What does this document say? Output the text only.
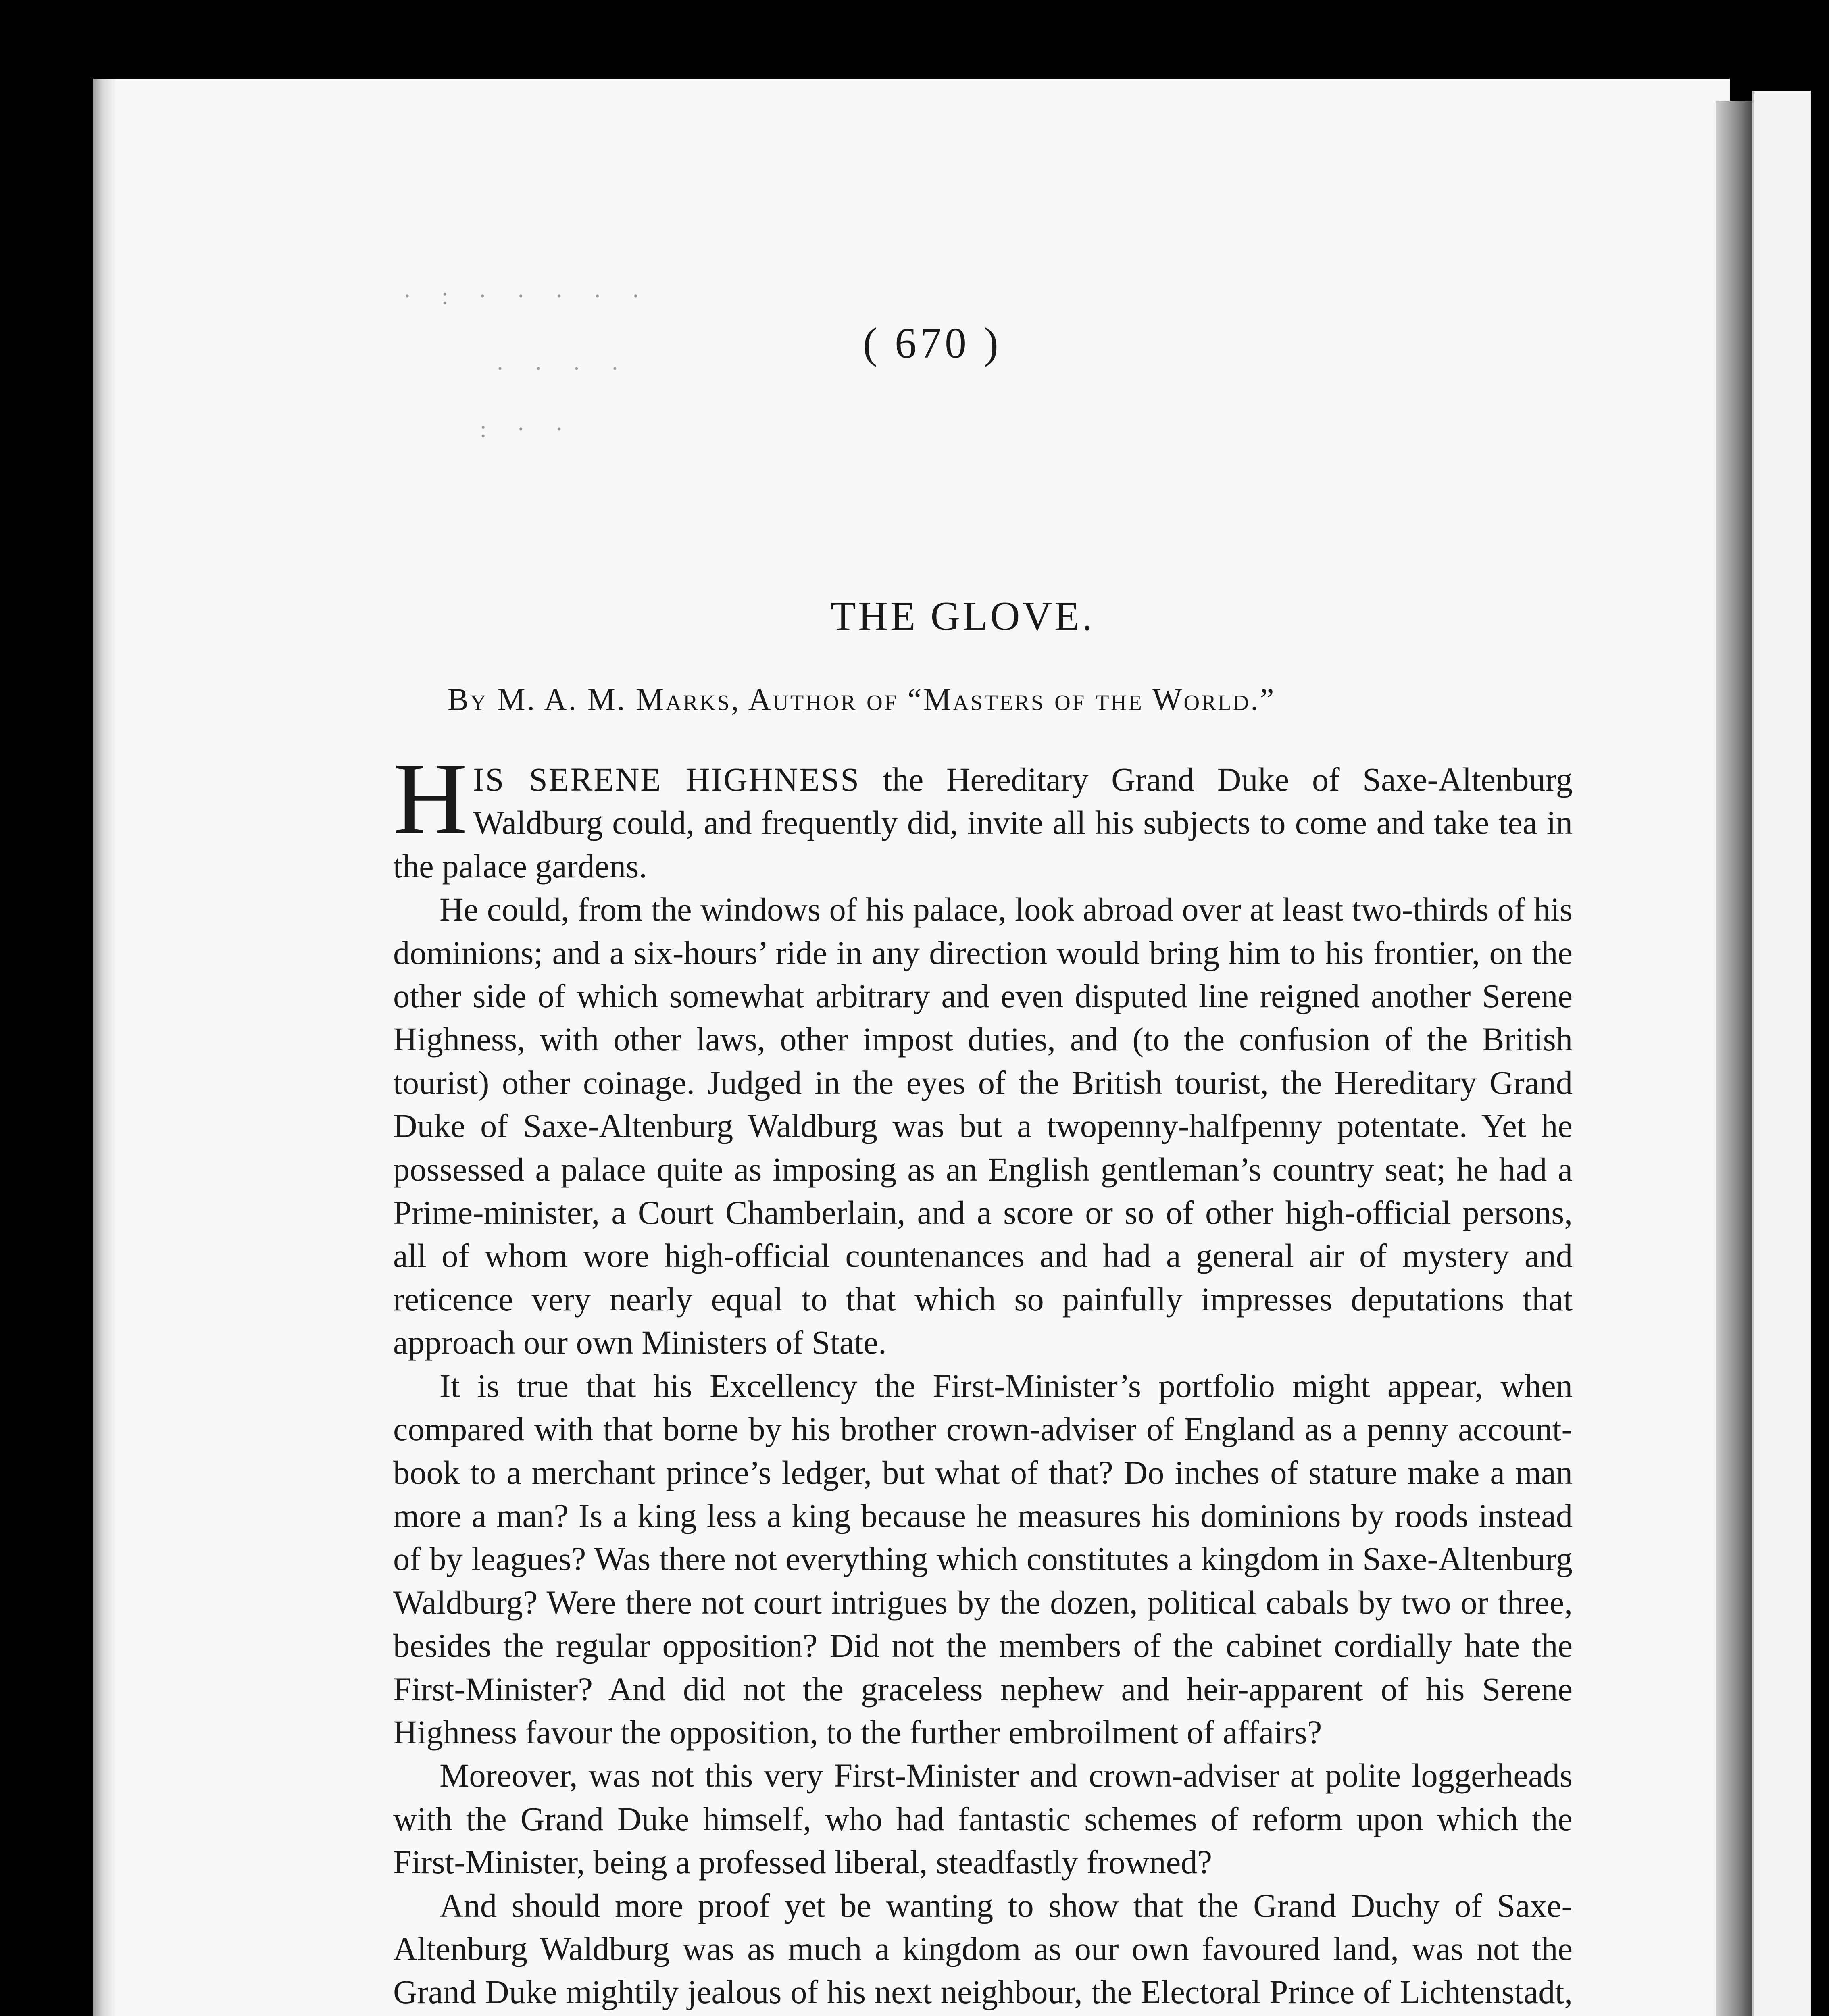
· : · · · · ·
· · · ·
: · ·
( 670 )
THE GLOVE.
By M. A. M. Marks, Author of “Masters of the World.”

HIS SERENE HIGHNESS the Hereditary Grand Duke of Saxe-Altenburg Waldburg could, and frequently did, invite all his subjects to come and take tea in the palace gardens.

He could, from the windows of his palace, look abroad over at least two-thirds of his dominions; and a six-hours’ ride in any direction would bring him to his frontier, on the other side of which somewhat arbitrary and even disputed line reigned another Serene Highness, with other laws, other impost duties, and (to the confusion of the British tourist) other coinage. Judged in the eyes of the British tourist, the Hereditary Grand Duke of Saxe-Altenburg Waldburg was but a twopenny-halfpenny potentate. Yet he possessed a palace quite as imposing as an English gentleman’s country seat; he had a Prime-minister, a Court Chamberlain, and a score or so of other high-official persons, all of whom wore high-official countenances and had a general air of mystery and reticence very nearly equal to that which so painfully impresses deputations that approach our own Ministers of State.

It is true that his Excellency the First-Minister’s portfolio might appear, when compared with that borne by his brother crown-adviser of England as a penny account-book to a merchant prince’s ledger, but what of that? Do inches of stature make a man more a man? Is a king less a king because he measures his dominions by roods instead of by leagues? Was there not everything which constitutes a kingdom in Saxe-Altenburg Waldburg? Were there not court intrigues by the dozen, political cabals by two or three, besides the regular opposition? Did not the members of the cabinet cordially hate the First-Minister? And did not the graceless nephew and heir-apparent of his Serene Highness favour the opposition, to the further embroilment of affairs?

Moreover, was not this very First-Minister and crown-adviser at polite loggerheads with the Grand Duke himself, who had fantastic schemes of reform upon which the First-Minister, being a professed liberal, steadfastly frowned?

And should more proof yet be wanting to show that the Grand Duchy of Saxe-Altenburg Waldburg was as much a kingdom as our own favoured land, was not the Grand Duke mightily jealous of his next neighbour, the Electoral Prince of Lichtenstadt,
